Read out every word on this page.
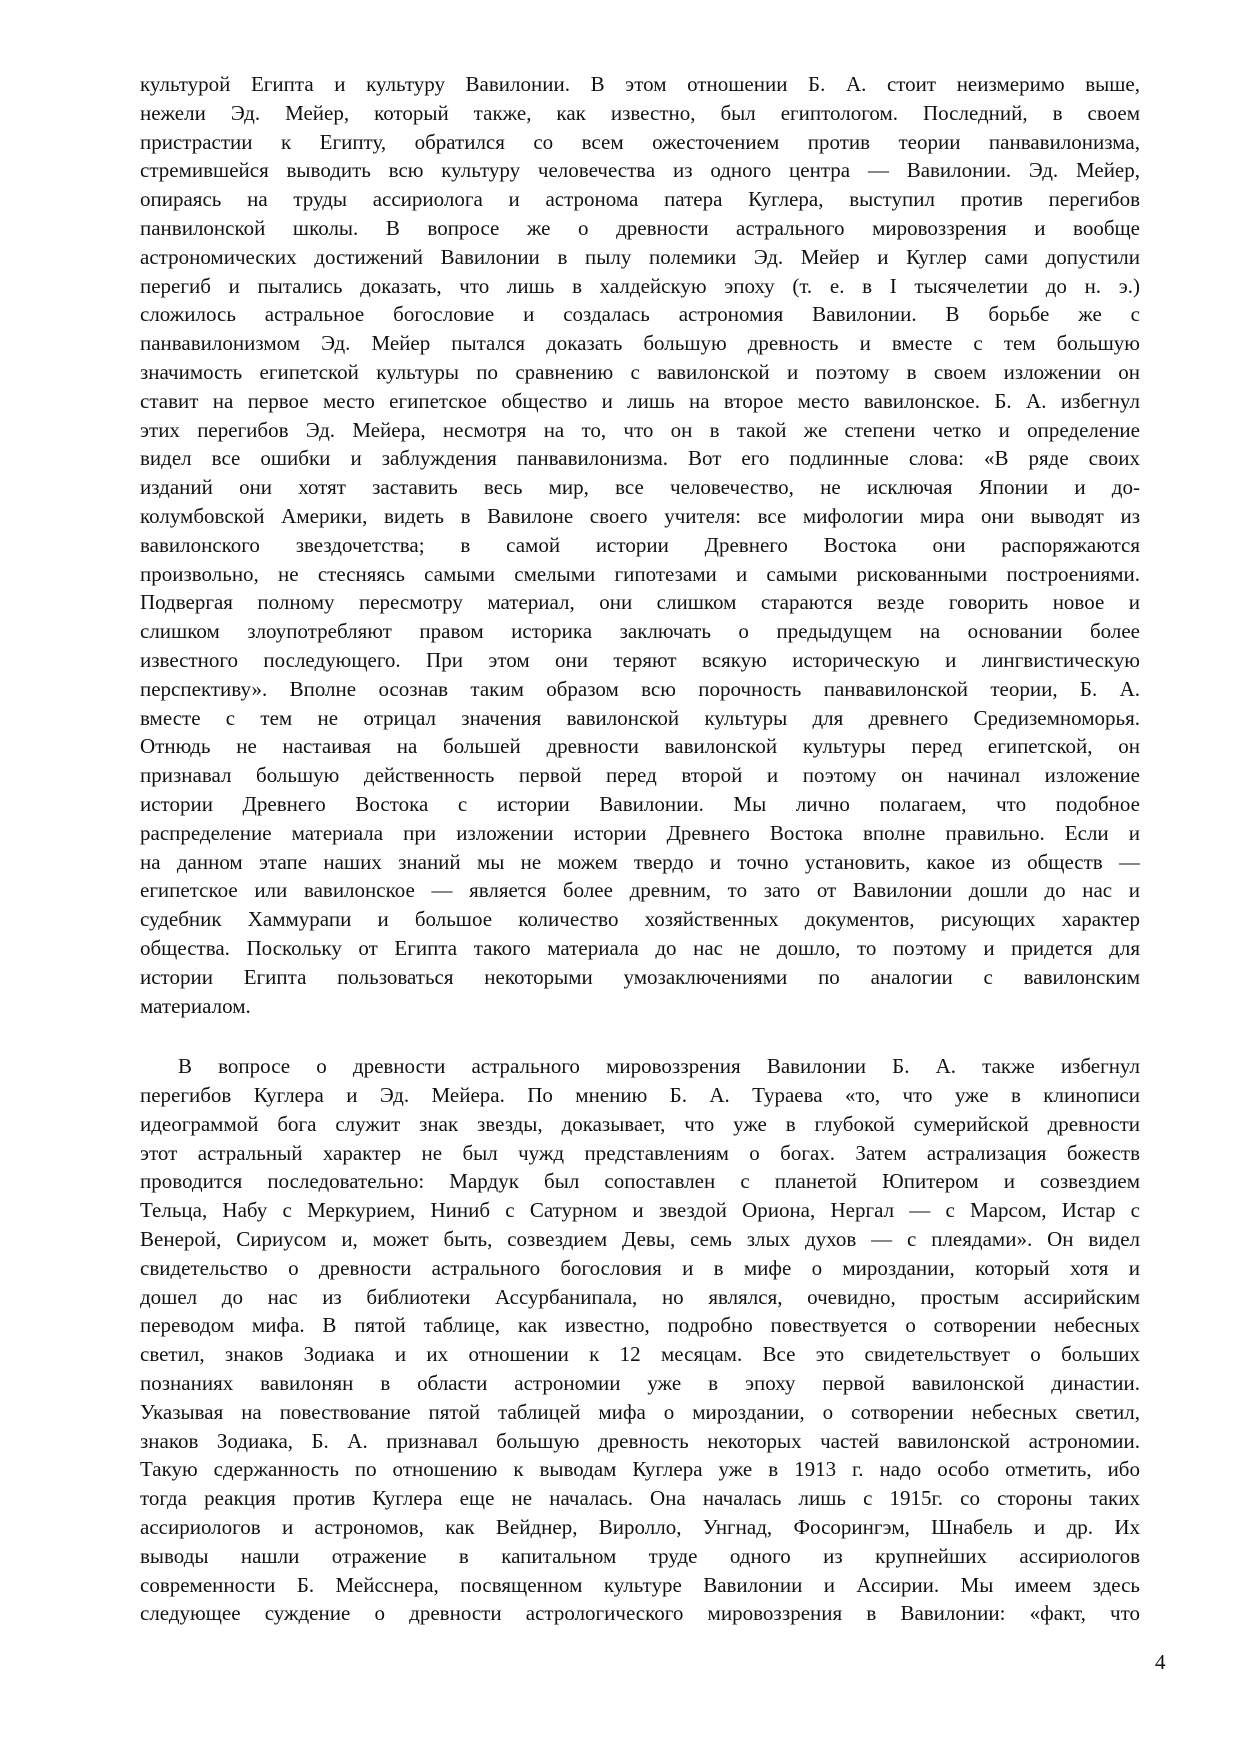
культурой Египта и культуру Вавилонии. В этом отношении Б. А. стоит неизмеримо выше,
нежели Эд. Мейер, который также, как известно, был египтологом. Последний, в своем
пристрастии к Египту, обратился со всем ожесточением против теории панвавилонизма,
стремившейся выводить всю культуру человечества из одного центра — Вавилонии. Эд. Мейер,
опираясь на труды ассириолога и астронома патера Куглера, выступил против перегибов
панвилонской школы. В вопросе же о древности астрального мировоззрения и вообще
астрономических достижений Вавилонии в пылу полемики Эд. Мейер и Куглер сами допустили
перегиб и пытались доказать, что лишь в халдейскую эпоху (т. е. в I тысячелетии до н. э.)
сложилось астральное богословие и создалась астрономия Вавилонии. В борьбе же с
панвавилонизмом Эд. Мейер пытался доказать большую древность и вместе с тем большую
значимость египетской культуры по сравнению с вавилонской и поэтому в своем изложении он
ставит на первое место египетское общество и лишь на второе место вавилонское. Б. А. избегнул
этих перегибов Эд. Мейера, несмотря на то, что он в такой же степени четко и определение
видел все ошибки и заблуждения панвавилонизма. Вот его подлинные слова: «В ряде своих
изданий они хотят заставить весь мир, все человечество, не исключая Японии и до-
колумбовской Америки, видеть в Вавилоне своего учителя: все мифологии мира они выводят из
вавилонского звездочетства; в самой истории Древнего Востока они распоряжаются
произвольно, не стесняясь самыми смелыми гипотезами и самыми рискованными построениями.
Подвергая полному пересмотру материал, они слишком стараются везде говорить новое и
слишком злоупотребляют правом историка заключать о предыдущем на основании более
известного последующего. При этом они теряют всякую историческую и лингвистическую
перспективу». Вполне осознав таким образом всю порочность панвавилонской теории, Б. А.
вместе с тем не отрицал значения вавилонской культуры для древнего Средиземноморья.
Отнюдь не настаивая на большей древности вавилонской культуры перед египетской, он
признавал большую действенность первой перед второй и поэтому он начинал изложение
истории Древнего Востока с истории Вавилонии. Мы лично полагаем, что подобное
распределение материала при изложении истории Древнего Востока вполне правильно. Если и
на данном этапе наших знаний мы не можем твердо и точно установить, какое из обществ —
египетское или вавилонское — является более древним, то зато от Вавилонии дошли до нас и
судебник Хаммурапи и большое количество хозяйственных документов, рисующих характер
общества. Поскольку от Египта такого материала до нас не дошло, то поэтому и придется для
истории Египта пользоваться некоторыми умозаключениями по аналогии с вавилонским
материалом.
В вопросе о древности астрального мировоззрения Вавилонии Б. А. также избегнул
перегибов Куглера и Эд. Мейера. По мнению Б. А. Тураева «то, что уже в клинописи
идеограммой бога служит знак звезды, доказывает, что уже в глубокой сумерийской древности
этот астральный характер не был чужд представлениям о богах. Затем астрализация божеств
проводится последовательно: Мардук был сопоставлен с планетой Юпитером и созвездием
Тельца, Набу с Меркурием, Ниниб с Сатурном и звездой Ориона, Нергал — с Марсом, Истар с
Венерой, Сириусом и, может быть, созвездием Девы, семь злых духов — с плеядами». Он видел
свидетельство о древности астрального богословия и в мифе о мироздании, который хотя и
дошел до нас из библиотеки Ассурбанипала, но являлся, очевидно, простым ассирийским
переводом мифа. В пятой таблице, как известно, подробно повествуется о сотворении небесных
светил, знаков Зодиака и их отношении к 12 месяцам. Все это свидетельствует о больших
познаниях вавилонян в области астрономии уже в эпоху первой вавилонской династии.
Указывая на повествование пятой таблицей мифа о мироздании, о сотворении небесных светил,
знаков Зодиака, Б. А. признавал большую древность некоторых частей вавилонской астрономии.
Такую сдержанность по отношению к выводам Куглера уже в 1913 г. надо особо отметить, ибо
тогда реакция против Куглера еще не началась. Она началась лишь с 1915г. со стороны таких
ассириологов и астрономов, как Вейднер, Виролло, Унгнад, Фосорингэм, Шнабель и др. Их
выводы нашли отражение в капитальном труде одного из крупнейших ассириологов
современности Б. Мейсснера, посвященном культуре Вавилонии и Ассирии. Мы имеем здесь
следующее суждение о древности астрологического мировоззрения в Вавилонии: «факт, что
4
